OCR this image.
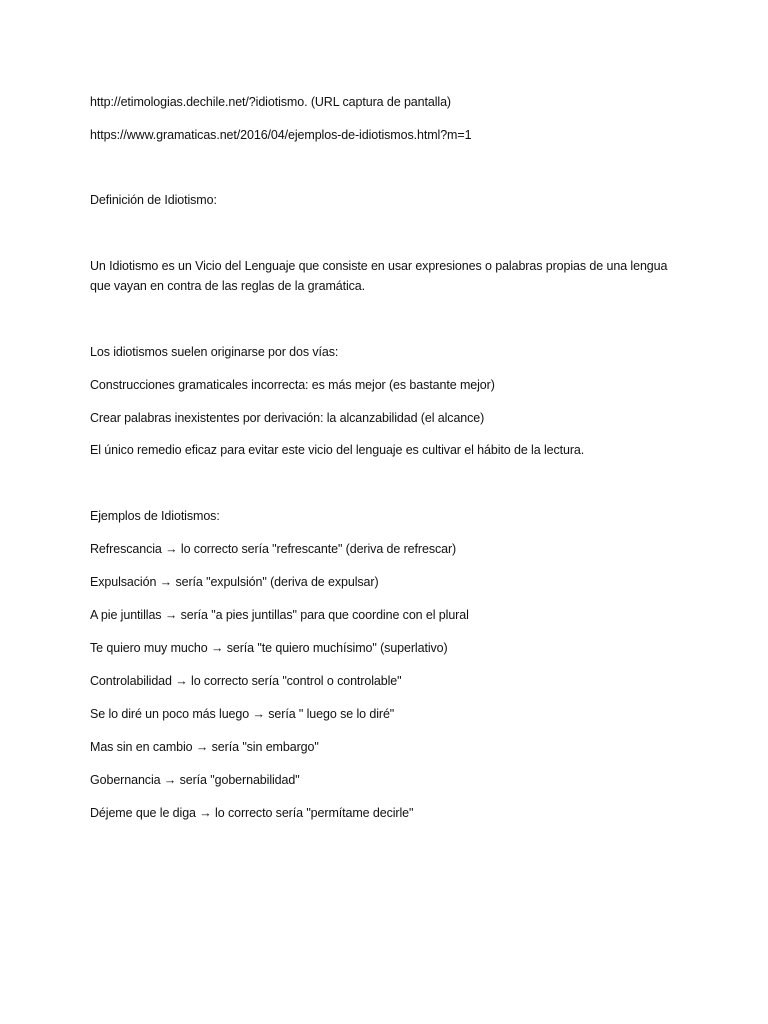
http://etimologias.dechile.net/?idiotismo. (URL captura de pantalla)
https://www.gramaticas.net/2016/04/ejemplos-de-idiotismos.html?m=1
Definición de Idiotismo:
Un Idiotismo es un Vicio del Lenguaje que consiste en usar expresiones o palabras propias de una lengua que vayan en contra de las reglas de la gramática.
Los idiotismos suelen originarse por dos vías:
Construcciones gramaticales incorrecta: es más mejor (es bastante mejor)
Crear palabras inexistentes por derivación: la alcanzabilidad (el alcance)
El único remedio eficaz para evitar este vicio del lenguaje es cultivar el hábito de la lectura.
Ejemplos de Idiotismos:
Refrescancia → lo correcto sería "refrescante" (deriva de refrescar)
Expulsación → sería "expulsión" (deriva de expulsar)
A pie juntillas → sería "a pies juntillas" para que coordine con el plural
Te quiero muy mucho → sería "te quiero muchísimo" (superlativo)
Controlabilidad → lo correcto sería "control o controlable"
Se lo diré un poco más luego → sería " luego se lo diré"
Mas sin en cambio → sería "sin embargo"
Gobernancia → sería "gobernabilidad"
Déjeme que le diga → lo correcto sería "permítame decirle"
